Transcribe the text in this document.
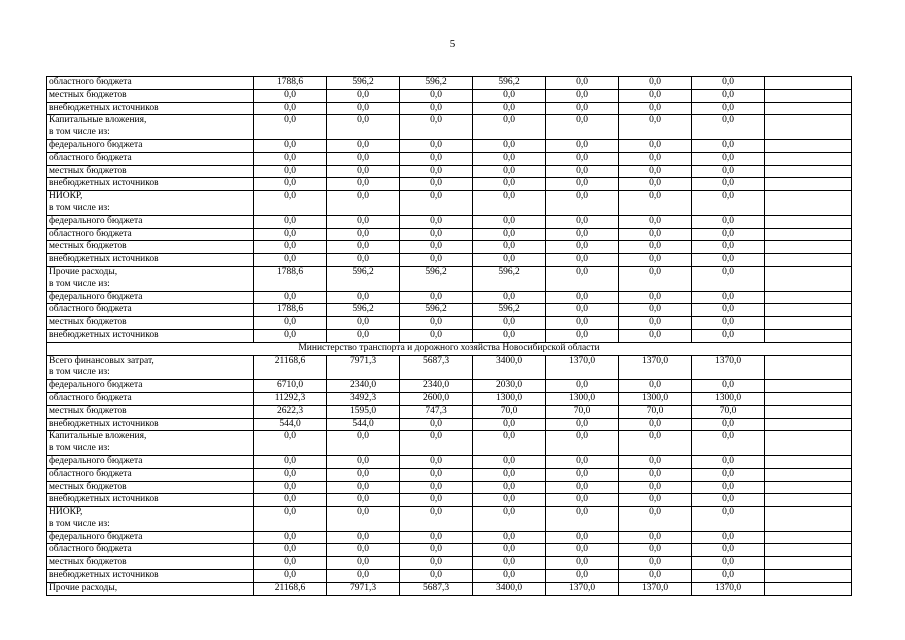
5
областного бюджета	1788,6	596,2	596,2	596,2	0,0	0,0	0,0	
местных бюджетов	0,0	0,0	0,0	0,0	0,0	0,0	0,0	
внебюджетных источников	0,0	0,0	0,0	0,0	0,0	0,0	0,0	
Капитальные вложения,	0,0	0,0	0,0	0,0	0,0	0,0	0,0	
в том числе из:								
федерального бюджета	0,0	0,0	0,0	0,0	0,0	0,0	0,0	
областного бюджета	0,0	0,0	0,0	0,0	0,0	0,0	0,0	
местных бюджетов	0,0	0,0	0,0	0,0	0,0	0,0	0,0	
внебюджетных источников	0,0	0,0	0,0	0,0	0,0	0,0	0,0	
НИОКР,	0,0	0,0	0,0	0,0	0,0	0,0	0,0	
в том числе из:								
федерального бюджета	0,0	0,0	0,0	0,0	0,0	0,0	0,0	
областного бюджета	0,0	0,0	0,0	0,0	0,0	0,0	0,0	
местных бюджетов	0,0	0,0	0,0	0,0	0,0	0,0	0,0	
внебюджетных источников	0,0	0,0	0,0	0,0	0,0	0,0	0,0	
Прочие расходы,	1788,6	596,2	596,2	596,2	0,0	0,0	0,0	
в том числе из:								
федерального бюджета	0,0	0,0	0,0	0,0	0,0	0,0	0,0	
областного бюджета	1788,6	596,2	596,2	596,2	0,0	0,0	0,0	
местных бюджетов	0,0	0,0	0,0	0,0	0,0	0,0	0,0	
внебюджетных источников	0,0	0,0	0,0	0,0	0,0	0,0	0,0	
Министерство транспорта и дорожного хозяйства Новосибирской области								
Всего финансовых затрат,	21168,6	7971,3	5687,3	3400,0	1370,0	1370,0	1370,0	
в том числе из:								
федерального бюджета	6710,0	2340,0	2340,0	2030,0	0,0	0,0	0,0	
областного бюджета	11292,3	3492,3	2600,0	1300,0	1300,0	1300,0	1300,0	
местных бюджетов	2622,3	1595,0	747,3	70,0	70,0	70,0	70,0	
внебюджетных источников	544,0	544,0	0,0	0,0	0,0	0,0	0,0	
Капитальные вложения,	0,0	0,0	0,0	0,0	0,0	0,0	0,0	
в том числе из:								
федерального бюджета	0,0	0,0	0,0	0,0	0,0	0,0	0,0	
областного бюджета	0,0	0,0	0,0	0,0	0,0	0,0	0,0	
местных бюджетов	0,0	0,0	0,0	0,0	0,0	0,0	0,0	
внебюджетных источников	0,0	0,0	0,0	0,0	0,0	0,0	0,0	
НИОКР,	0,0	0,0	0,0	0,0	0,0	0,0	0,0	
в том числе из:								
федерального бюджета	0,0	0,0	0,0	0,0	0,0	0,0	0,0	
областного бюджета	0,0	0,0	0,0	0,0	0,0	0,0	0,0	
местных бюджетов	0,0	0,0	0,0	0,0	0,0	0,0	0,0	
внебюджетных источников	0,0	0,0	0,0	0,0	0,0	0,0	0,0	
Прочие расходы,	21168,6	7971,3	5687,3	3400,0	1370,0	1370,0	1370,0	
